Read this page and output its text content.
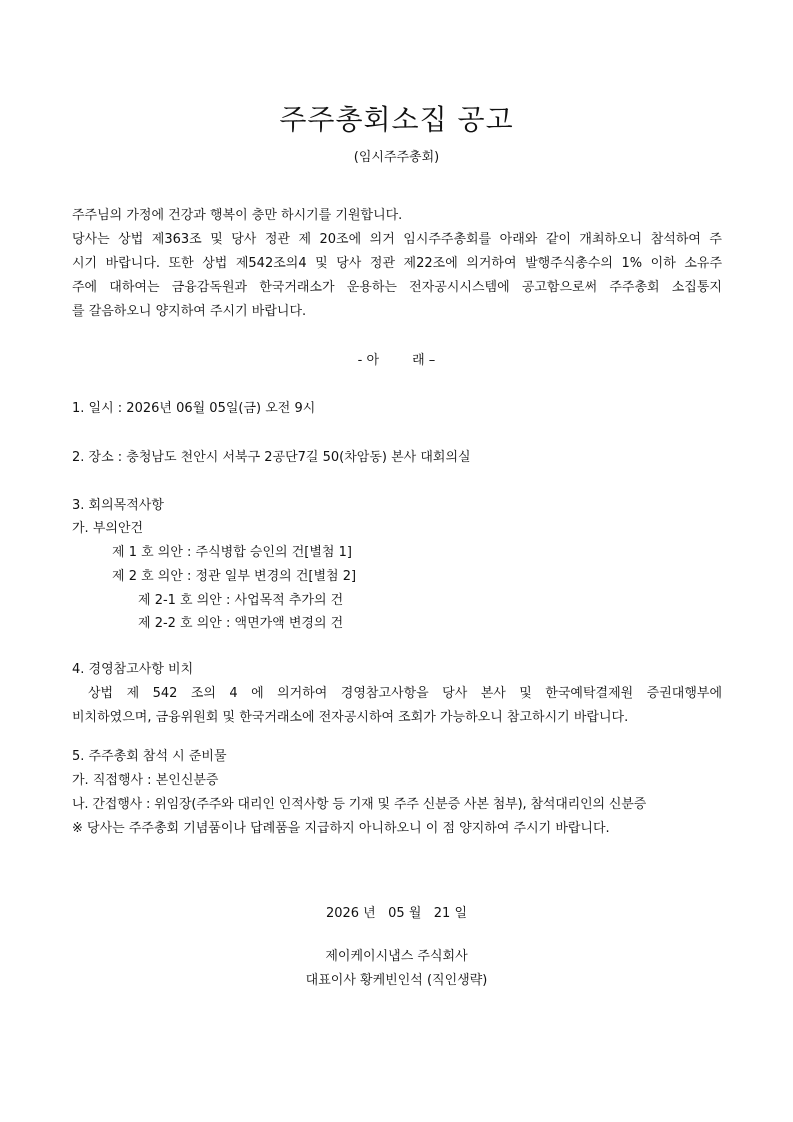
주주총회소집 공고
(임시주주총회)
주주님의 가정에 건강과 행복이 충만 하시기를 기원합니다.
당사는 상법 제363조 및 당사 정관 제 20조에 의거 임시주주총회를 아래와 같이 개최하오니 참석하여 주
시기 바랍니다. 또한 상법 제542조의4 및 당사 정관 제22조에 의거하여 발행주식총수의 1% 이하 소유주
주에 대하여는 금융감독원과 한국거래소가 운용하는 전자공시시스템에 공고함으로써 주주총회 소집통지
를 갈음하오니 양지하여 주시기 바랍니다.
- 아        래 –
1. 일시 : 2026년 06월 05일(금) 오전 9시
2. 장소 : 충청남도 천안시 서북구 2공단7길 50(차암동) 본사 대회의실
3. 회의목적사항
가. 부의안건
제 1 호 의안 : 주식병합 승인의 건[별첨 1]
제 2 호 의안 : 정관 일부 변경의 건[별첨 2]
제 2-1 호 의안 : 사업목적 추가의 건
제 2-2 호 의안 : 액면가액 변경의 건
4. 경영참고사항 비치
상법 제 542 조의 4 에 의거하여 경영참고사항을 당사 본사 및 한국예탁결제원 증권대행부에
비치하였으며, 금융위원회 및 한국거래소에 전자공시하여 조회가 가능하오니 참고하시기 바랍니다.
5. 주주총회 참석 시 준비물
가. 직접행사 : 본인신분증
나. 간접행사 : 위임장(주주와 대리인 인적사항 등 기재 및 주주 신분증 사본 첨부), 참석대리인의 신분증
※ 당사는 주주총회 기념품이나 답례품을 지급하지 아니하오니 이 점 양지하여 주시기 바랍니다.
2026 년   05 월   21 일
제이케이시냅스 주식회사
대표이사 황케빈인석 (직인생략)
